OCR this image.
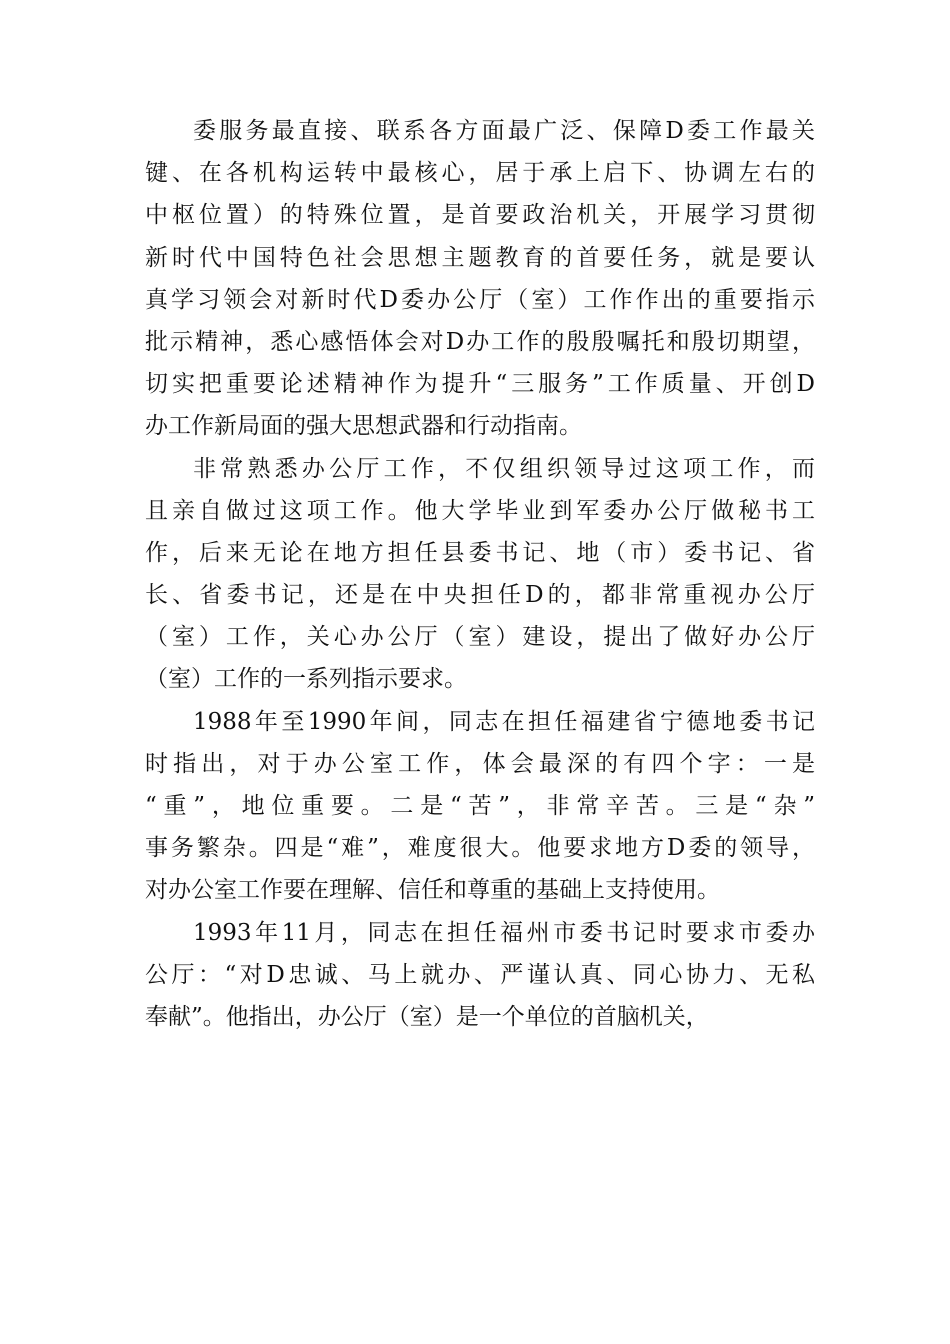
委服务最直接、联系各方面最广泛、保障D委工作最关
键、在各机构运转中最核心，居于承上启下、协调左右的
中枢位置）的特殊位置，是首要政治机关，开展学习贯彻
新时代中国特色社会思想主题教育的首要任务，就是要认
真学习领会对新时代D委办公厅（室）工作作出的重要指示
批示精神，悉心感悟体会对D办工作的殷殷嘱托和殷切期望，
切实把重要论述精神作为提升“三服务”工作质量、开创D
办工作新局面的强大思想武器和行动指南。
非常熟悉办公厅工作，不仅组织领导过这项工作，而
且亲自做过这项工作。他大学毕业到军委办公厅做秘书工
作，后来无论在地方担任县委书记、地（市）委书记、省
长、省委书记，还是在中央担任D的，都非常重视办公厅
（室）工作，关心办公厅（室）建设，提出了做好办公厅
（室）工作的一系列指示要求。
1988年至1990年间，同志在担任福建省宁德地委书记
时指出，对于办公室工作，体会最深的有四个字：一是
“重”，地位重要。二是“苦”，非常辛苦。三是“杂”
事务繁杂。四是“难”，难度很大。他要求地方D委的领导，
对办公室工作要在理解、信任和尊重的基础上支持使用。
1993年11月，同志在担任福州市委书记时要求市委办
公厅：“对D忠诚、马上就办、严谨认真、同心协力、无私
奉献”。他指出，办公厅（室）是一个单位的首脑机关，
